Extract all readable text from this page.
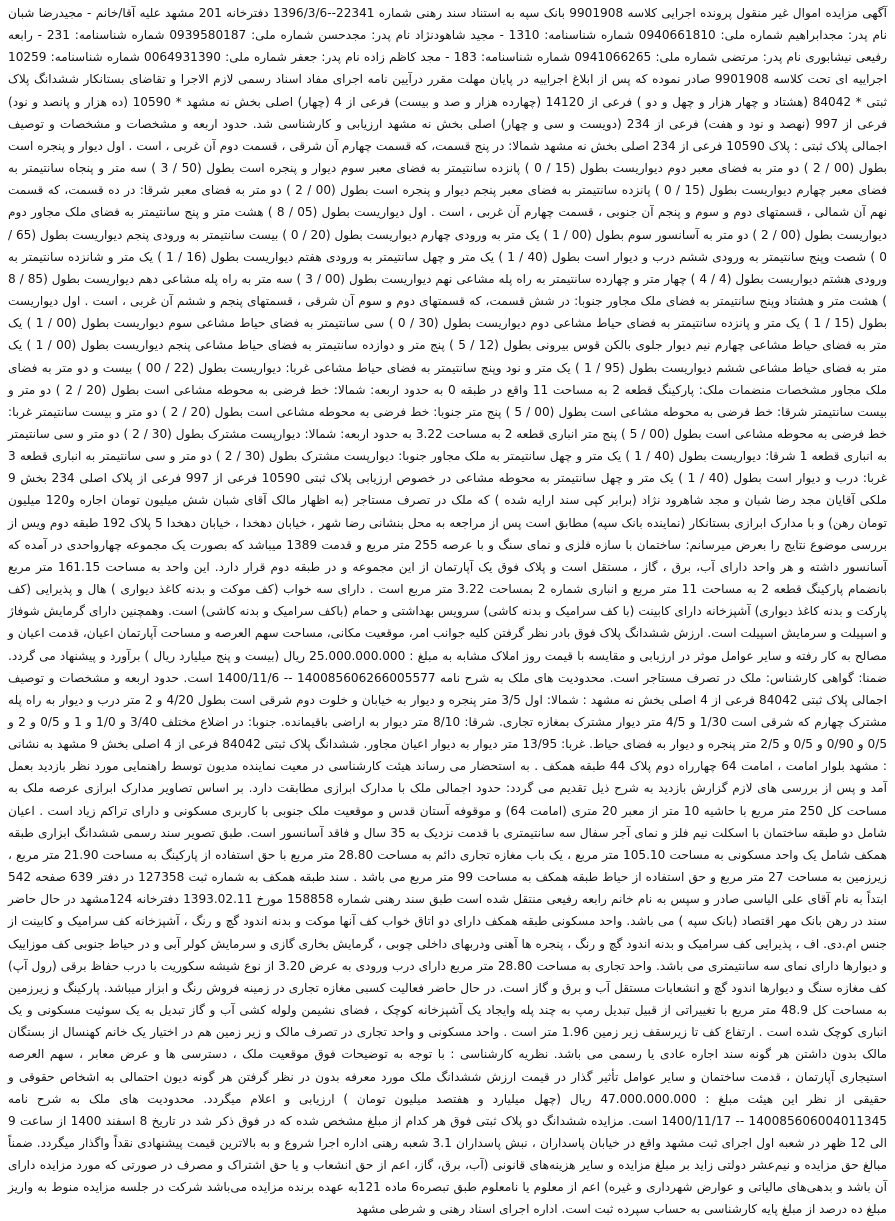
آگهی مزایده اموال غیر منقول پرونده اجرایی کلاسه 9901908 بانک سپه به استناد سند رهنی شماره 22341--1396/3/6 دفترخانه 201 مشهد علیه آقا/خانم - مجیدرضا شبان نام پدر: مجدابراهیم شماره ملی: 0940661810 شماره شناسنامه: 1310 - مجید شاهودنژاد نام پدر: مجدحسن شماره ملی: 0939580187 شماره شناسنامه: 231 - رابعه رفیعی نیشابوری نام پدر: مرتضی شماره ملی: 0941066265 شماره شناسنامه: 183 - مجد کاظم زاده نام پدر: جعفر شماره ملی: 0064931390 شماره شناسنامه: 10259 اجراییه ای تحت کلاسه 9901908 صادر نموده که پس از ابلاغ اجراییه در پایان مهلت مقرر درآیین نامه اجرای مفاد اسناد رسمی لازم الاجرا و تقاضای بستانکار ششدانگ پلاک ثبتی * 84042 (هشتاد و چهار هزار و چهل و دو ) فرعی از 14120 (چهارده هزار و صد و بیست) فرعی از 4 (چهار) اصلی بخش نه مشهد * 10590 (ده هزار و پانصد و نود) فرعی از 997 (نهصد و نود و هفت) فرعی از 234 (دویست و سی و چهار) اصلی بخش نه مشهد ارزیابی و کارشناسی شد. حدود اربعه و مشخصات و مشخصات و توصیف اجمالی پلاک ثبتی : پلاک 10590 فرعی از 234 اصلی بخش نه مشهد شمالا: در پنج قسمت، که قسمت چهارم آن شرقی ، قسمت دوم آن غربی ، است . اول دیوار و پنجره است بطول (00 / 2 ) دو متر به فضای معبر دوم دیواریست بطول (15 / 0 ) پانزده سانتیمتر به فضای معبر سوم دیوار و پنجره است بطول (50 / 3 ) سه متر و پنجاه سانتیمتر به فضای معبر چهارم دیواریست بطول (15 / 0 ) پانزده سانتیمتر به فضای معبر پنجم دیوار و پنجره است بطول (00 / 2 ) دو متر به فضای معبر شرقا: در ده قسمت، که قسمت نهم آن شمالی ، قسمتهای دوم و سوم و پنجم آن جنوبی ، قسمت چهارم آن غربی ، است . اول دیواریست بطول (05 / 8 ) هشت متر و پنج سانتیمتر به فضای ملک مجاور دوم دیواریست بطول (00 / 2 ) دو متر به آسانسور سوم بطول (00 / 1 ) یک متر به ورودی چهارم دیواریست بطول (20 / 0 ) بیست سانتیمتر به ورودی پنجم دیواریست بطول (65 / 0 ) شصت وپنج سانتیمتر به ورودی ششم درب و دیوار است بطول (40 / 1 ) یک متر و چهل سانتیمتر به ورودی هفتم دیواریست بطول (16 / 1 ) یک متر و شانزده سانتیمتر به ورودی هشتم دیواریست بطول (4 / 4 ) چهار متر و چهارده سانتیمتر به راه پله مشاعی نهم دیواریست بطول (00 / 3 ) سه متر به راه پله مشاعی دهم دیواریست بطول (85 / 8 ) هشت متر و هشتاد وپنج سانتیمتر به فضای ملک مجاور جنوبا: در شش قسمت، که قسمتهای دوم و سوم آن شرقی ، قسمتهای پنجم و ششم آن غربی ، است . اول دیواریست بطول (15 / 1 ) یک متر و پانزده سانتیمتر به فضای حیاط مشاعی دوم دیواریست بطول (30 / 0 ) سی سانتیمتر به فضای حیاط مشاعی سوم دیواریست بطول (00 / 1 ) یک متر به فضای حیاط مشاعی چهارم نیم دیوار جلوی بالکن قوس بیرونی بطول (12 / 5 ) پنج متر و دوازده سانتیمتر به فضای حیاط مشاعی پنجم دیواریست بطول (00 / 1 ) یک متر به فضای حیاط مشاعی ششم دیواریست بطول (95 / 1 ) یک متر و نود وپنج سانتیمتر به فضای حیاط مشاعی غربا: دیواریست بطول (22 / 00 ) بیست و دو متر به فضای ملک مجاور مشخصات منضمات ملک: پارکینگ قطعه 2 به مساحت 11 واقع در طبقه 0 به حدود اربعه: شمالا: خط فرضی به محوطه مشاعی است بطول (20 / 2 ) دو متر و بیست سانتیمتر شرقا: خط فرضی به محوطه مشاعی است بطول (00 / 5 ) پنج متر جنوبا: خط فرضی به محوطه مشاعی است بطول (20 / 2 ) دو متر و بیست سانتیمتر غربا: خط فرضی به محوطه مشاعی است بطول (00 / 5 ) پنج متر انباری قطعه 2 به مساحت 3.22 به حدود اربعه: شمالا: دیوارپست مشترک بطول (30 / 2 ) دو متر و سی سانتیمتر به انباری قطعه 1 شرقا: دیواریست بطول (40 / 1 ) یک متر و چهل سانتیمتر به ملک مجاور جنوبا: دیوارپست مشترک بطول (30 / 2 ) دو متر و سی سانتیمتر به انباری قطعه 3 غربا: درب و دیوار است بطول (40 / 1 ) یک متر و چهل سانتیمتر به محوطه مشاعی در خصوص ارزیابی پلاک ثبتی 10590 فرعی از 997 فرعی از پلاک اصلی 234 بخش 9 ملکی آقایان مجد رضا شبان و مجد شاهرود نژاد (برابر کپی سند ارایه شده ) که ملک در تصرف مستاجر (به اظهار مالک آقای شبان شش میلیون تومان اجاره و120 میلیون تومان رهن) و با مدارک ابرازی بستانکار (نماینده بانک سپه) مطابق است پس از مراجعه به محل بنشانی رضا شهر ، خیابان دهخدا ، خیابان دهخدا 5 پلاک 192 طبقه دوم ویس از بررسی موضوع نتایج را بعرض میرسانم: ساختمان با سازه فلزی و نمای سنگ و با عرصه 255 متر مربع و قدمت 1389 میباشد که بصورت یک مجموعه چهارواحدی در آمده که آسانسور داشته و هر واحد دارای آب، برق ، گاز ، مستقل است و پلاک فوق یک آپارتمان از این مجموعه و در طبقه دوم قرار دارد. این واحد به مساحت 161.15 متر مربع بانضمام پارکینگ قطعه 2 به مساحت 11 متر مربع و انباری شماره 2 بمساحت 3.22 متر مربع است . دارای سه خواب (کف موکت و بدنه کاغذ دیواری ) هال و پذیرایی (کف پارکت و بدنه کاغذ دیواری) آشپزخانه دارای کابینت (با کف سرامیک و بدنه کاشی) سرویس بهداشتی و حمام (باکف سرامیک و بدنه کاشی) است. وهمچنین دارای گرمایش شوفاژ و اسپیلت و سرمایش اسپیلت است. ارزش ششدانگ پلاک فوق بادر نظر گرفتن کلیه جوانب امر، موقعیت مکانی، مساحت سهم العرصه و مساحت آپارتمان اعیان، قدمت اعیان و مصالح به کار رفته و سایر عوامل موثر در ارزیابی و مقایسه با قیمت روز املاک مشابه به مبلغ : 25.000.000.000 ریال (بیست و پنج میلیارد ریال ) برآورد و پیشنهاد می گردد. ضمنا: گواهی کارشناس: ملک در تصرف مستاجر است. محدودیت های ملک به شرح نامه 140085606266005577 -- 1400/11/6 است. حدود اربعه و مشخصات و توصیف اجمالی پلاک ثبتی 84042 فرعی از 4 اصلی بخش نه مشهد : شمالا: اول 3/5 متر پنجره و دیوار به خیابان و خلوت دوم شرقی است بطول 4/20 و 2 متر درب و دیوار به راه پله مشترک چهارم که شرقی است 1/30 و 4/5 متر دیوار مشترک بمغازه تجاری. شرقا: 8/10 متر دیوار به اراضی باقیمانده. جنوبا: در اضلاع مختلف 3/40 و 1/0 و 1 و 0/5 و 2 و 0/5 و 0/90 و 0/5 و 2/5 متر پنجره و دیوار به فضای حیاط. غربا: 13/95 متر دیوار به دیوار اعیان مجاور. ششدانگ پلاک ثبتی 84042 فرعی از 4 اصلی بخش 9 مشهد به نشانی : مشهد بلوار امامت ، امامت 64 چهارراه دوم پلاک 44 طبقه همکف . به استحضار می رساند هیئت کارشناسی در معیت نماینده مدیون توسط راهنمایی مورد نظر بازدید بعمل آمد و پس از بررسی های لازم گزارش بازدید به شرح ذیل تقدیم می گردد: حدود اجمالی ملک با مدارک ابرازی مطابقت دارد. بر اساس تصاویر مدارک ابرازی عرصه ملک به مساحت کل 250 متر مربع با حاشیه 10 متر از معبر 20 متری (امامت 64) و موقوفه آستان قدس و موقعیت ملک جنوبی با کاربری مسکونی و دارای تراکم زیاد است . اعیان شامل دو طبقه ساختمان با اسکلت نیم فلز و نمای آجر سفال سه سانتیمتری با قدمت نزدیک به 35 سال و فاقد آسانسور است. طبق تصویر سند رسمی ششدانگ ابزاری طبقه همکف شامل یک واحد مسکونی به مساحت 105.10 متر مربع ، یک باب مغازه تجاری دائم به مساحت 28.80 متر مربع با حق استفاده از پارکینگ به مساحت 21.90 متر مربع ، زیرزمین به مساحت 27 متر مربع و حق استفاده از حیاط طبقه همکف به مساحت 99 متر مربع می باشد . سند طبقه همکف به شماره ثبت 127358 در دفتر 639 صفحه 542 ابتداً به نام آقای علی الیاسی صادر و سپس به نام خانم رابعه رفیعی منتقل شده است طبق سند رهنی شماره 158858 مورخ 1393.02.11 دفترخانه 124مشهد در حال حاضر سند در رهن بانک مهر اقتصاد (بانک سپه ) می باشد. واحد مسکونی طبقه همکف دارای دو اتاق خواب کف آنها موکت و بدنه اندود گچ و رنگ ، آشپزخانه کف سرامیک و کابینت از جنس ام.دی. اف ، پذیرایی کف سرامیک و بدنه اندود گچ و رنگ ، پنجره ها آهنی ودربهای داخلی چوبی ، گرمایش بخاری گازی و سرمایش کولر آبی و در حیاط جنوبی کف موزاییک و دیوارها دارای نمای سه سانتیمتری می باشد. واحد تجاری به مساحت 28.80 متر مربع دارای درب ورودی به عرض 3.20 از نوع شیشه سکوریت با درب حفاظ برقی (رول آپ) کف مغازه سنگ و دیوارها اندود گچ و انشعابات مستقل آب و برق و گاز است. در حال حاضر فعالیت کسبی مغازه تجاری در زمینه فروش رنگ و ابزار میباشد. پارکینگ و زیرزمین به مساحت کل 48.9 متر مربع با تغییراتی از قبیل تبدیل رمپ به چند پله وایجاد یک آشپزخانه کوچک ، فضای نشیمن ولوله کشی آب و گاز تبدیل به یک سوئیت مسکونی و یک انباری کوچک شده است . ارتفاع کف تا زیرسقف زیر زمین 1.96 متر است . واحد مسکونی و واحد تجاری در تصرف مالک و زیر زمین هم در اختیار یک خانم کهنسال از بستگان مالک بدون داشتن هر گونه سند اجاره عادی یا رسمی می باشد. نظریه کارشناسی : با توجه به توضیحات فوق موقعیت ملک ، دسترسی ها و عرض معابر ، سهم العرصه استیجاری آپارتمان ، قدمت ساختمان و سایر عوامل تأثیر گذار در قیمت ارزش ششدانگ ملک مورد معرفه بدون در نظر گرفتن هر گونه دیون احتمالی به اشخاص حقوقی و حقیقی از نظر این هیئت مبلغ : 47.000.000.000 ریال (چهل میلیارد و هفتصد میلیون تومان ) ارزیابی و اعلام میگردد. محدودیت های ملک به شرح نامه 140085606004011345 -- 1400/11/17 است. مزایده ششدانگ دو پلاک ثبتی فوق هر کدام از مبلغ مشخص شده که در فوق ذکر شد در تاریخ 8 اسفند 1400 از ساعت 9 الی 12 ظهر در شعبه اول اجرای ثبت مشهد واقع در خیابان پاسداران ، نبش پاسداران 3.1 شعبه رهنی اداره اجرا شروع و به بالاترین قیمت پیشنهادی نقداً واگذار میگردد. ضمناً مبالغ حق مزایده و نیم‌عشر دولتی زاید بر مبلغ مزایده و سایر هزینه‌های قانونی (آب، برق، گاز، اعم از حق انشعاب و یا حق اشتراک و مصرف در صورتی که مورد مزایده دارای آن باشد و بدهی‌های مالیاتی و عوارض شهرداری و غیره) اعم از معلوم یا نامعلوم طبق تبصره6 ماده 121به عهده برنده مزایده می‌باشد شرکت در جلسه مزایده منوط به واریز مبلغ ده درصد از مبلغ پایه کارشناسی به حساب سپرده ثبت است. اداره اجرای اسناد رهنی و شرطی مشهد
